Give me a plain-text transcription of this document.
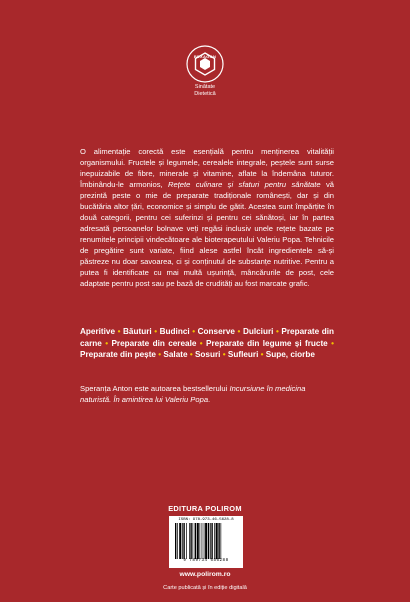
BEXAGON
Sinătate
Dietetică

O alimentație corectă este esențială pentru menținerea vitalității organismului. Fructele și legumele, cerealele integrale, peștele sunt surse inepuizabile de fibre, minerale și vitamine, aflate la îndemâna tuturor. Îmbinându-le armonios, Rețete culinare și sfaturi pentru sănătate vă prezintă peste o mie de preparate tradiționale românești, dar și din bucătăria altor țări, economice și simplu de gătit. Acestea sunt împărțite în două categorii, pentru cei suferinzi și pentru cei sănătoși, iar în partea adresată persoanelor bolnave veți regăsi inclusiv unele rețete bazate pe renumitele principii vindecătoare ale bioterapeutului Valeriu Popa. Tehnicile de pregătire sunt variate, fiind alese astfel încât ingredientele să-și păstreze nu doar savoarea, ci și conținutul de substanțe nutritive. Pentru a putea fi identificate cu mai multă ușurință, mâncărurile de post, cele adaptate pentru post sau pe bază de crudități au fost marcate grafic.

Aperitive • Băuturi • Budinci • Conserve • Dulciuri • Preparate din carne • Preparate din cereale • Preparate din legume și fructe • Preparate din pește • Salate • Sosuri • Sufleuri • Supe, ciorbe
Speranța Anton este autoarea bestsellerului Incursiune în medicina naturistă. În amintirea lui Valeriu Popa.
EDITURA POLIROM
ISBN: 978-973-46-5628-8
9 789734 656288
www.polirom.ro
Carte publicată și în ediție digitală
